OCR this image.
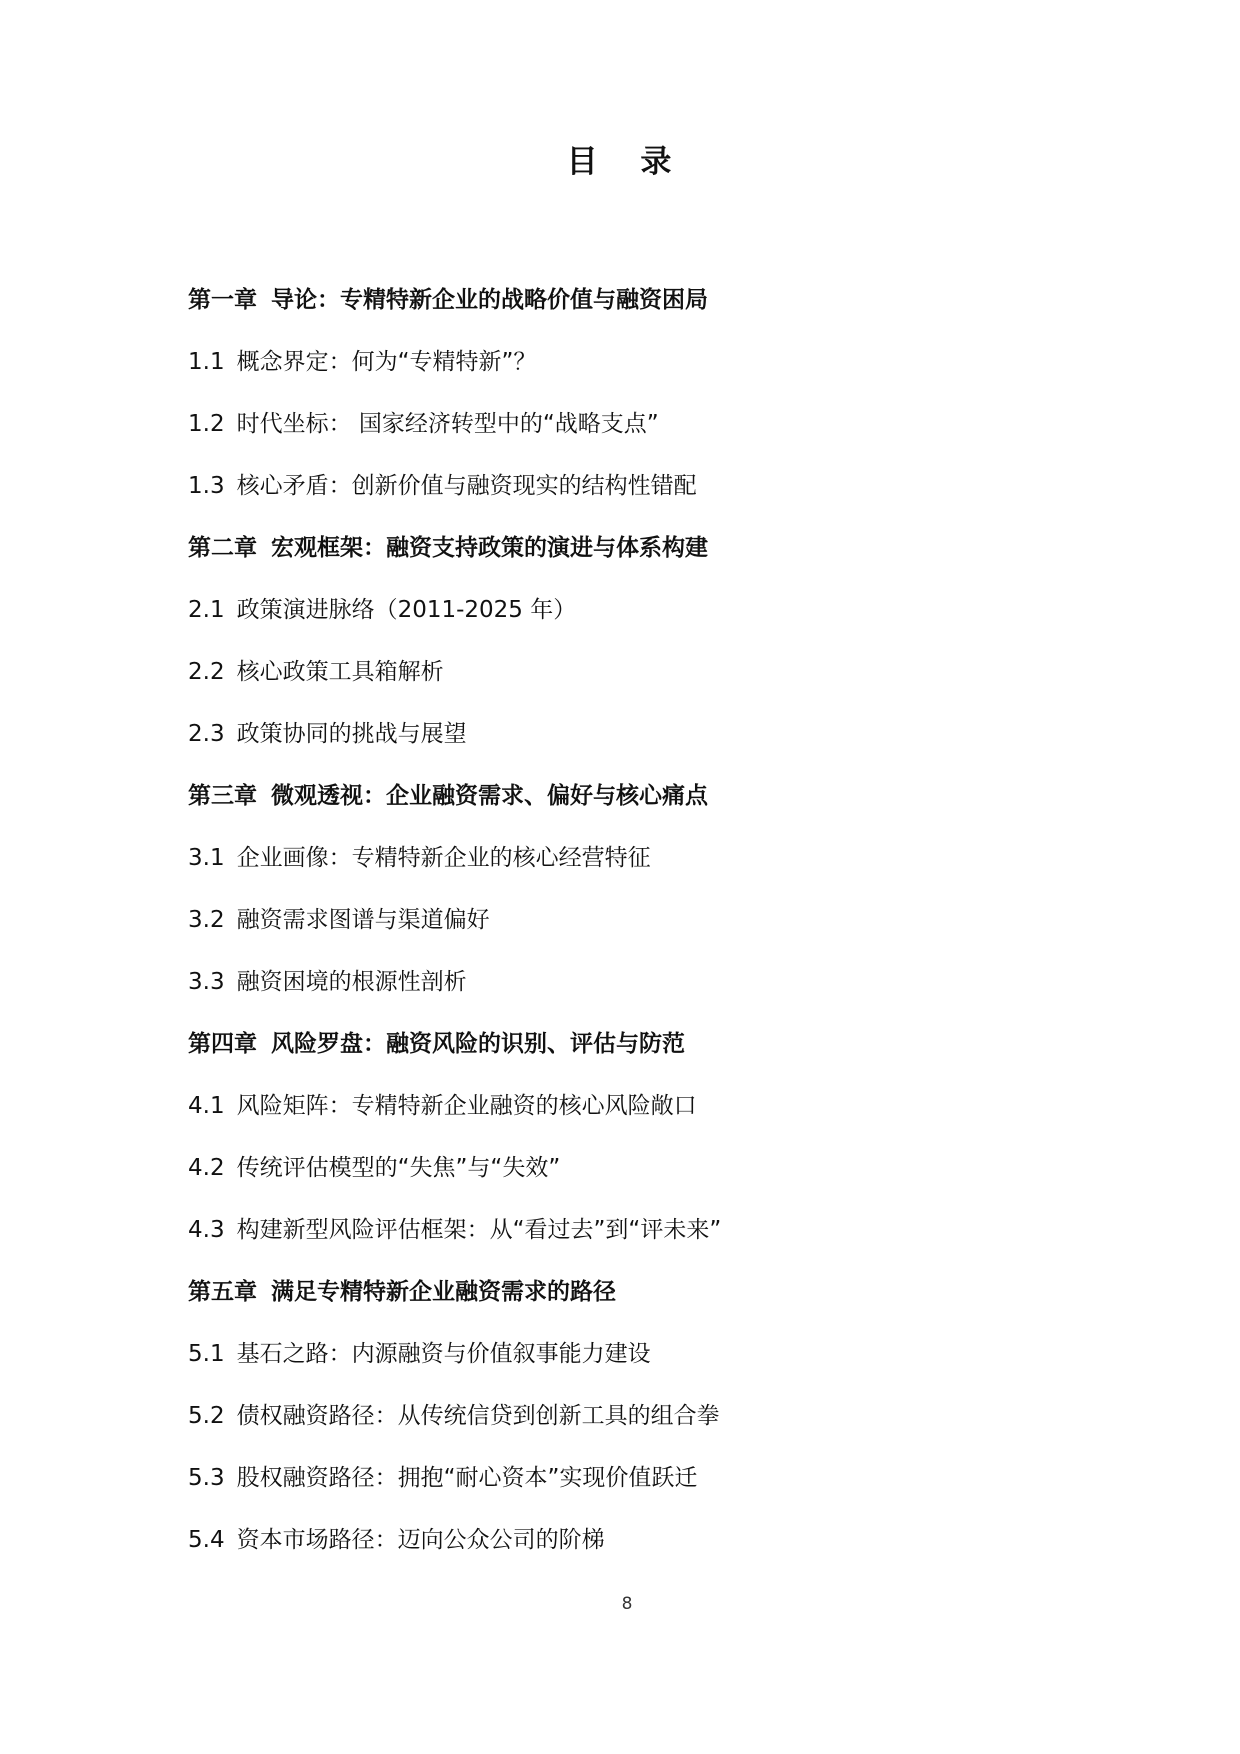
目 录
第一章 导论：专精特新企业的战略价值与融资困局
1.1 概念界定：何为“专精特新”？
1.2 时代坐标： 国家经济转型中的“战略支点”
1.3 核心矛盾：创新价值与融资现实的结构性错配
第二章 宏观框架：融资支持政策的演进与体系构建
2.1 政策演进脉络（2011-2025 年）
2.2 核心政策工具箱解析
2.3 政策协同的挑战与展望
第三章 微观透视：企业融资需求、偏好与核心痛点
3.1 企业画像：专精特新企业的核心经营特征
3.2 融资需求图谱与渠道偏好
3.3 融资困境的根源性剖析
第四章 风险罗盘：融资风险的识别、评估与防范
4.1 风险矩阵：专精特新企业融资的核心风险敞口
4.2 传统评估模型的“失焦”与“失效”
4.3 构建新型风险评估框架：从“看过去”到“评未来”
第五章 满足专精特新企业融资需求的路径
5.1 基石之路：内源融资与价值叙事能力建设
5.2 债权融资路径：从传统信贷到创新工具的组合拳
5.3 股权融资路径：拥抱“耐心资本”实现价值跃迁
5.4 资本市场路径：迈向公众公司的阶梯
8
